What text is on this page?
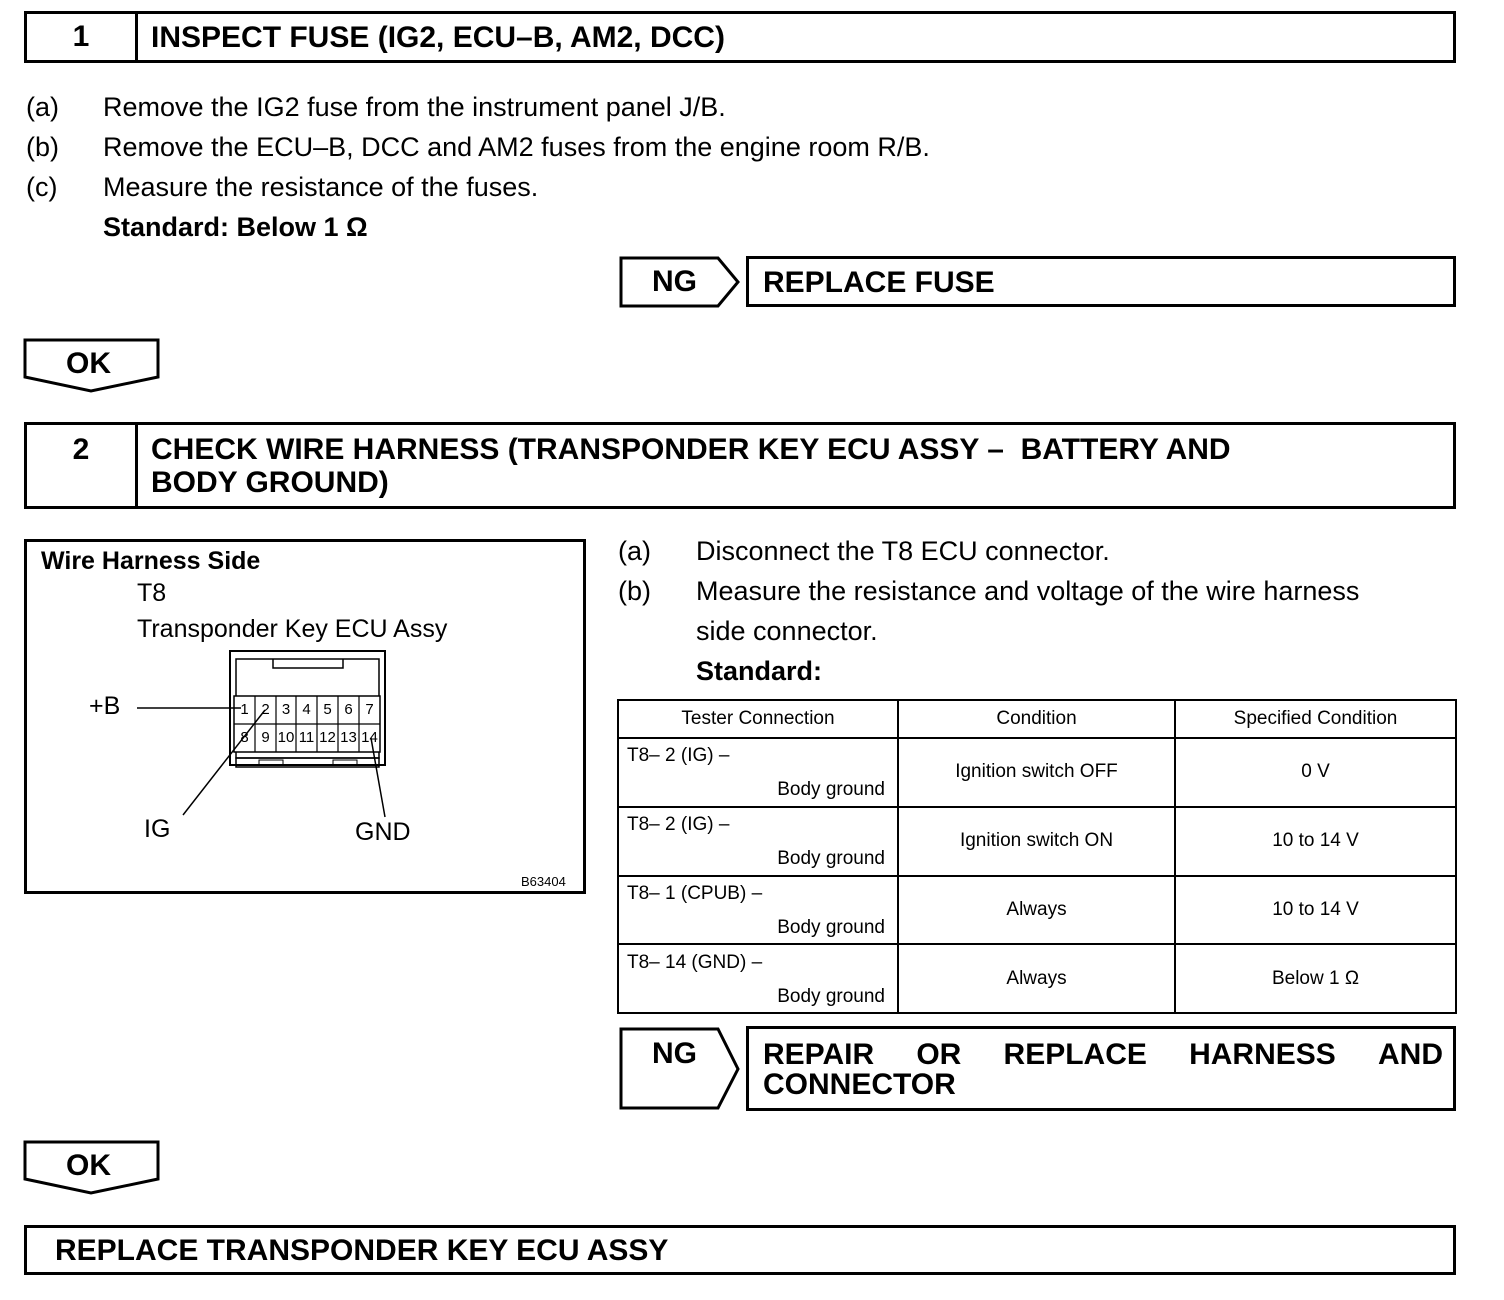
1	INSPECT FUSE (IG2, ECU–B, AM2, DCC)
(a) Remove the IG2 fuse from the instrument panel J/B.
(b) Remove the ECU–B, DCC and AM2 fuses from the engine room R/B.
(c) Measure the resistance of the fuses.
Standard: Below 1 Ω
NG REPLACE FUSE
OK
2	CHECK WIRE HARNESS (TRANSPONDER KEY ECU ASSY –  BATTERY AND
BODY GROUND)
Wire Harness Side
T8
Transponder Key ECU Assy
1 2 3 4 5 6 7
8 9 10 11 12 13 14
+B
IG	GND
B63404
(a) Disconnect the T8 ECU connector.
(b) Measure the resistance and voltage of the wire harness
side connector.
Standard:
Tester Connection	Condition	Specified Condition

T8– 2 (IG) –
Body ground	Ignition switch OFF	0 V

T8– 2 (IG) –
Body ground	Ignition switch ON	10 to 14 V

T8– 1 (CPUB) –
Body ground	Always	10 to 14 V

T8– 14 (GND) –
Body ground	Always	Below 1 Ω
NG REPAIR OR REPLACE HARNESS AND
CONNECTOR
OK
REPLACE TRANSPONDER KEY ECU ASSY
